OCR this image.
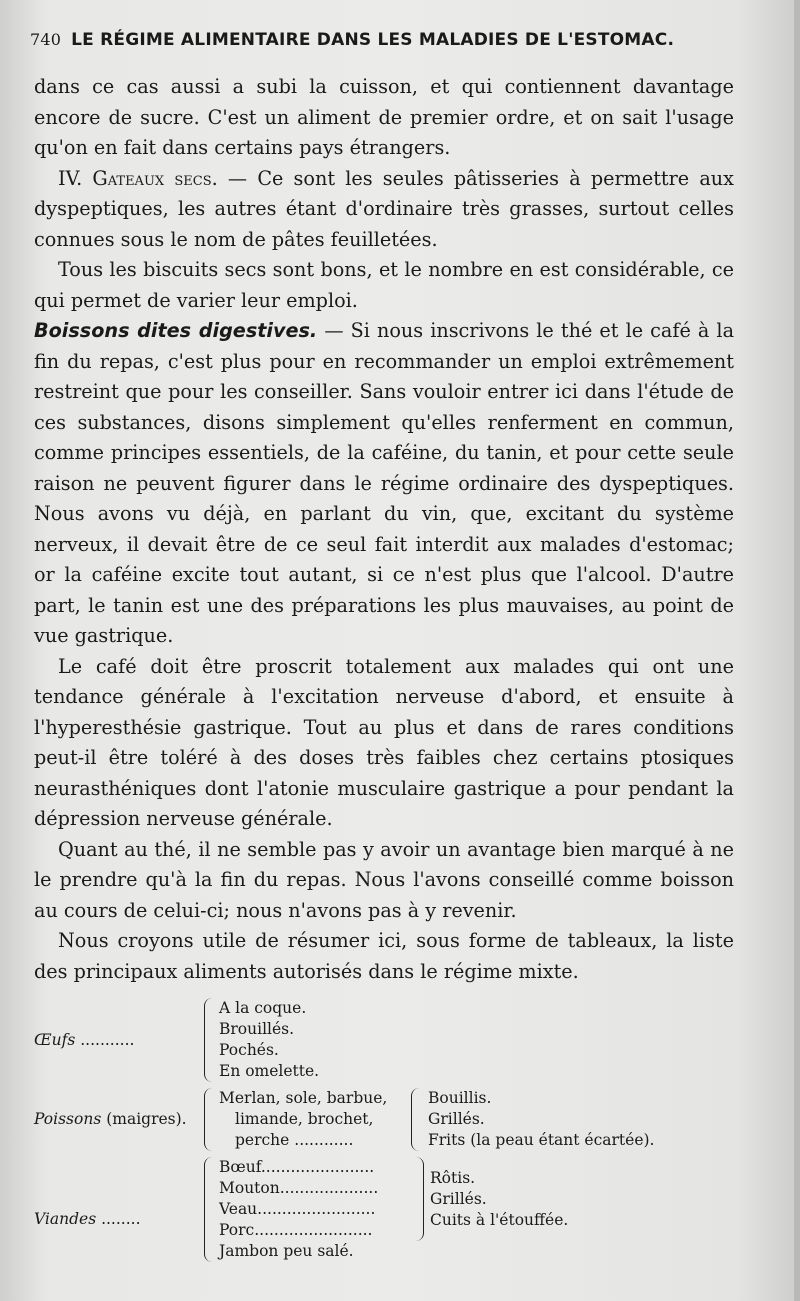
740 LE RÉGIME ALIMENTAIRE DANS LES MALADIES DE L'ESTOMAC.

dans ce cas aussi a subi la cuisson, et qui contiennent davantage encore de sucre. C'est un aliment de premier ordre, et on sait l'usage qu'on en fait dans certains pays étrangers.

IV. Gateaux secs. — Ce sont les seules pâtisseries à permettre aux dyspeptiques, les autres étant d'ordinaire très grasses, surtout celles connues sous le nom de pâtes feuilletées.

Tous les biscuits secs sont bons, et le nombre en est considérable, ce qui permet de varier leur emploi.

Boissons dites digestives. — Si nous inscrivons le thé et le café à la fin du repas, c'est plus pour en recommander un emploi extrêmement restreint que pour les conseiller. Sans vouloir entrer ici dans l'étude de ces substances, disons simplement qu'elles renferment en commun, comme principes essentiels, de la caféine, du tanin, et pour cette seule raison ne peuvent figurer dans le régime ordinaire des dyspeptiques. Nous avons vu déjà, en parlant du vin, que, excitant du système nerveux, il devait être de ce seul fait interdit aux malades d'estomac; or la caféine excite tout autant, si ce n'est plus que l'alcool. D'autre part, le tanin est une des préparations les plus mauvaises, au point de vue gastrique.

Le café doit être proscrit totalement aux malades qui ont une tendance générale à l'excitation nerveuse d'abord, et ensuite à l'hyperesthésie gastrique. Tout au plus et dans de rares conditions peut-il être toléré à des doses très faibles chez certains ptosiques neurasthéniques dont l'atonie musculaire gastrique a pour pendant la dépression nerveuse générale.

Quant au thé, il ne semble pas y avoir un avantage bien marqué à ne le prendre qu'à la fin du repas. Nous l'avons conseillé comme boisson au cours de celui-ci; nous n'avons pas à y revenir.

Nous croyons utile de résumer ici, sous forme de tableaux, la liste des principaux aliments autorisés dans le régime mixte.

Œufs ...........
A la coque.
Brouillés.
Pochés.
En omelette.
Poissons (maigres).
Merlan, sole, barbue,
limande, brochet,
perche ............
Bouillis.
Grillés.
Frits (la peau étant écartée).
Viandes ........
Bœuf.......................
Mouton....................
Veau........................
Porc........................
Rôtis.
Grillés.
Cuits à l'étouffée.
Jambon peu salé.
